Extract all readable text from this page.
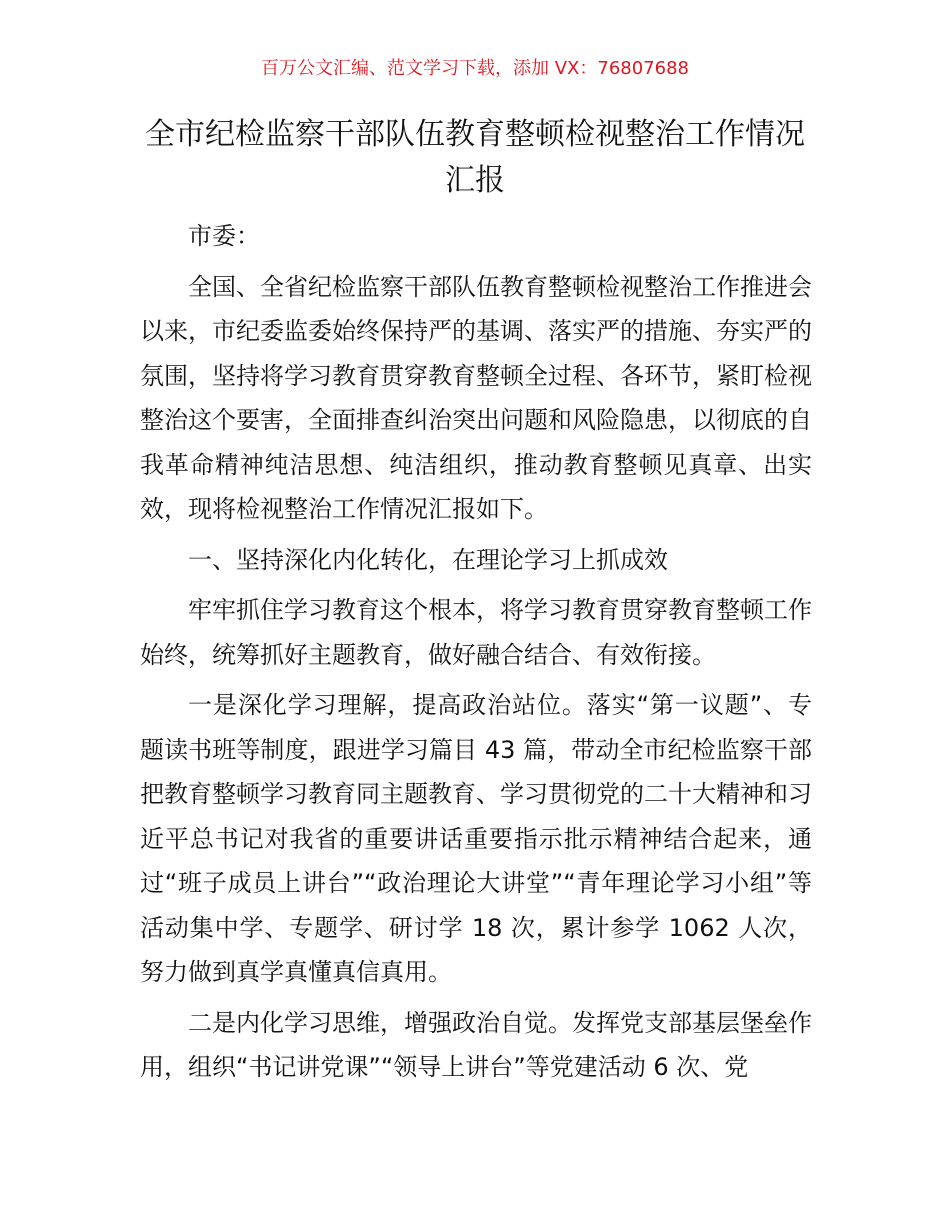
百万公文汇编、范文学习下载，添加 VX：76807688
全市纪检监察干部队伍教育整顿检视整治工作情况汇报

市委：

全国、全省纪检监察干部队伍教育整顿检视整治工作推进会以来，市纪委监委始终保持严的基调、落实严的措施、夯实严的氛围，坚持将学习教育贯穿教育整顿全过程、各环节，紧盯检视整治这个要害，全面排查纠治突出问题和风险隐患，以彻底的自我革命精神纯洁思想、纯洁组织，推动教育整顿见真章、出实效，现将检视整治工作情况汇报如下。

一、坚持深化内化转化，在理论学习上抓成效

牢牢抓住学习教育这个根本，将学习教育贯穿教育整顿工作始终，统筹抓好主题教育，做好融合结合、有效衔接。

一是深化学习理解，提高政治站位。落实“第一议题”、专题读书班等制度，跟进学习篇目 43 篇，带动全市纪检监察干部把教育整顿学习教育同主题教育、学习贯彻党的二十大精神和习近平总书记对我省的重要讲话重要指示批示精神结合起来，通过“班子成员上讲台”“政治理论大讲堂”“青年理论学习小组”等活动集中学、专题学、研讨学 18 次，累计参学 1062 人次，努力做到真学真懂真信真用。

二是内化学习思维，增强政治自觉。发挥党支部基层堡垒作用，组织“书记讲党课”“领导上讲台”等党建活动 6 次、党
